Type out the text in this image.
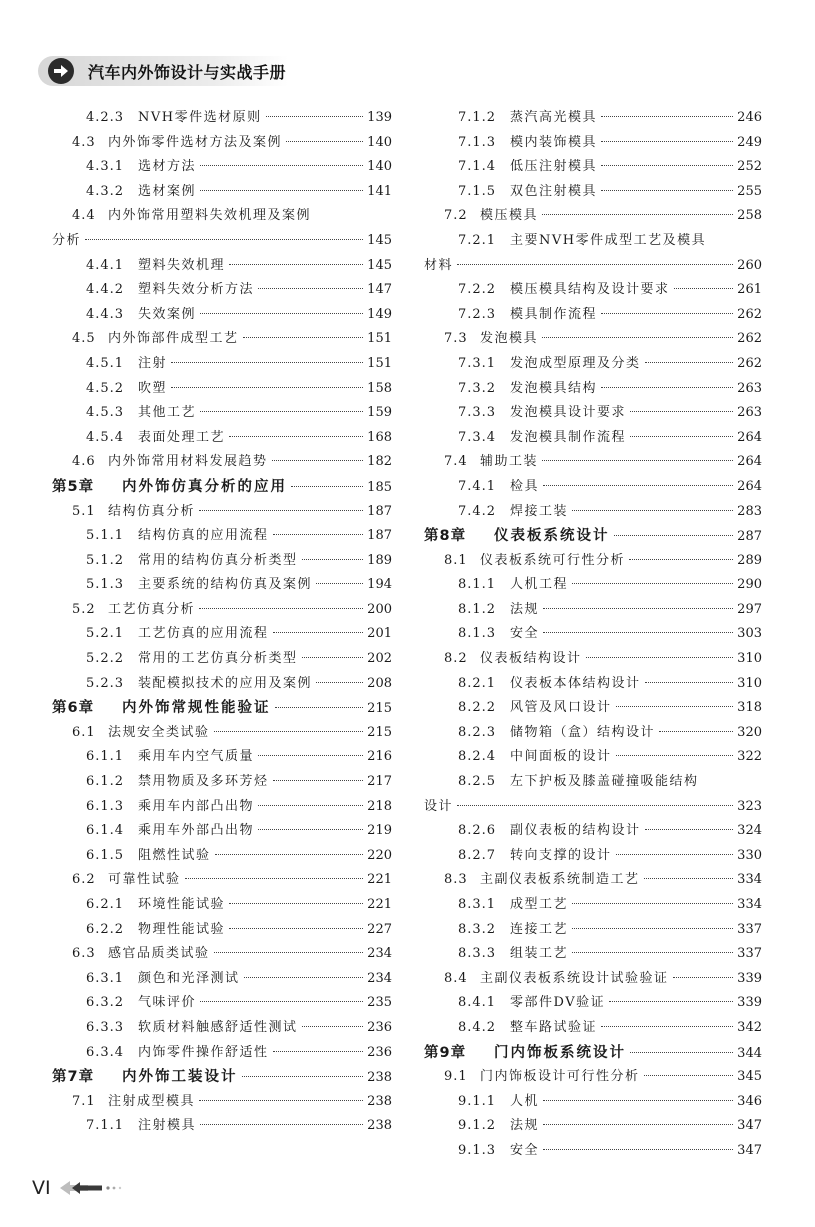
汽车内外饰设计与实战手册
4.2.3	NVH零件选材原则	139
4.3 内外饰零件选材方法及案例	140
4.3.1	选材方法	140
4.3.2	选材案例	141
4.4 内外饰常用塑料失效机理及案例
分析	145
4.4.1	塑料失效机理	145
4.4.2	塑料失效分析方法	147
4.4.3	失效案例	149
4.5 内外饰部件成型工艺	151
4.5.1	注射	151
4.5.2	吹塑	158
4.5.3	其他工艺	159
4.5.4	表面处理工艺	168
4.6 内外饰常用材料发展趋势	182
第5章	内外饰仿真分析的应用	185
5.1 结构仿真分析	187
5.1.1	结构仿真的应用流程	187
5.1.2	常用的结构仿真分析类型	189
5.1.3	主要系统的结构仿真及案例	194
5.2 工艺仿真分析	200
5.2.1	工艺仿真的应用流程	201
5.2.2	常用的工艺仿真分析类型	202
5.2.3	装配模拟技术的应用及案例	208
第6章	内外饰常规性能验证	215
6.1 法规安全类试验	215
6.1.1	乘用车内空气质量	216
6.1.2	禁用物质及多环芳烃	217
6.1.3	乘用车内部凸出物	218
6.1.4	乘用车外部凸出物	219
6.1.5	阻燃性试验	220
6.2 可靠性试验	221
6.2.1	环境性能试验	221
6.2.2	物理性能试验	227
6.3 感官品质类试验	234
6.3.1	颜色和光泽测试	234
6.3.2	气味评价	235
6.3.3	软质材料触感舒适性测试	236
6.3.4	内饰零件操作舒适性	236
第7章	内外饰工装设计	238
7.1 注射成型模具	238
7.1.1	注射模具	238
7.1.2	蒸汽高光模具	246
7.1.3	模内装饰模具	249
7.1.4	低压注射模具	252
7.1.5	双色注射模具	255
7.2 模压模具	258
7.2.1	主要NVH零件成型工艺及模具
材料	260
7.2.2	模压模具结构及设计要求	261
7.2.3	模具制作流程	262
7.3 发泡模具	262
7.3.1	发泡成型原理及分类	262
7.3.2	发泡模具结构	263
7.3.3	发泡模具设计要求	263
7.3.4	发泡模具制作流程	264
7.4 辅助工装	264
7.4.1	检具	264
7.4.2	焊接工装	283
第8章	仪表板系统设计	287
8.1 仪表板系统可行性分析	289
8.1.1	人机工程	290
8.1.2	法规	297
8.1.3	安全	303
8.2 仪表板结构设计	310
8.2.1	仪表板本体结构设计	310
8.2.2	风管及风口设计	318
8.2.3	储物箱（盒）结构设计	320
8.2.4	中间面板的设计	322
8.2.5	左下护板及膝盖碰撞吸能结构
设计	323
8.2.6	副仪表板的结构设计	324
8.2.7	转向支撑的设计	330
8.3 主副仪表板系统制造工艺	334
8.3.1	成型工艺	334
8.3.2	连接工艺	337
8.3.3	组装工艺	337
8.4 主副仪表板系统设计试验验证	339
8.4.1	零部件DV验证	339
8.4.2	整车路试验证	342
第9章	门内饰板系统设计	344
9.1 门内饰板设计可行性分析	345
9.1.1	人机	346
9.1.2	法规	347
9.1.3	安全	347
VI
